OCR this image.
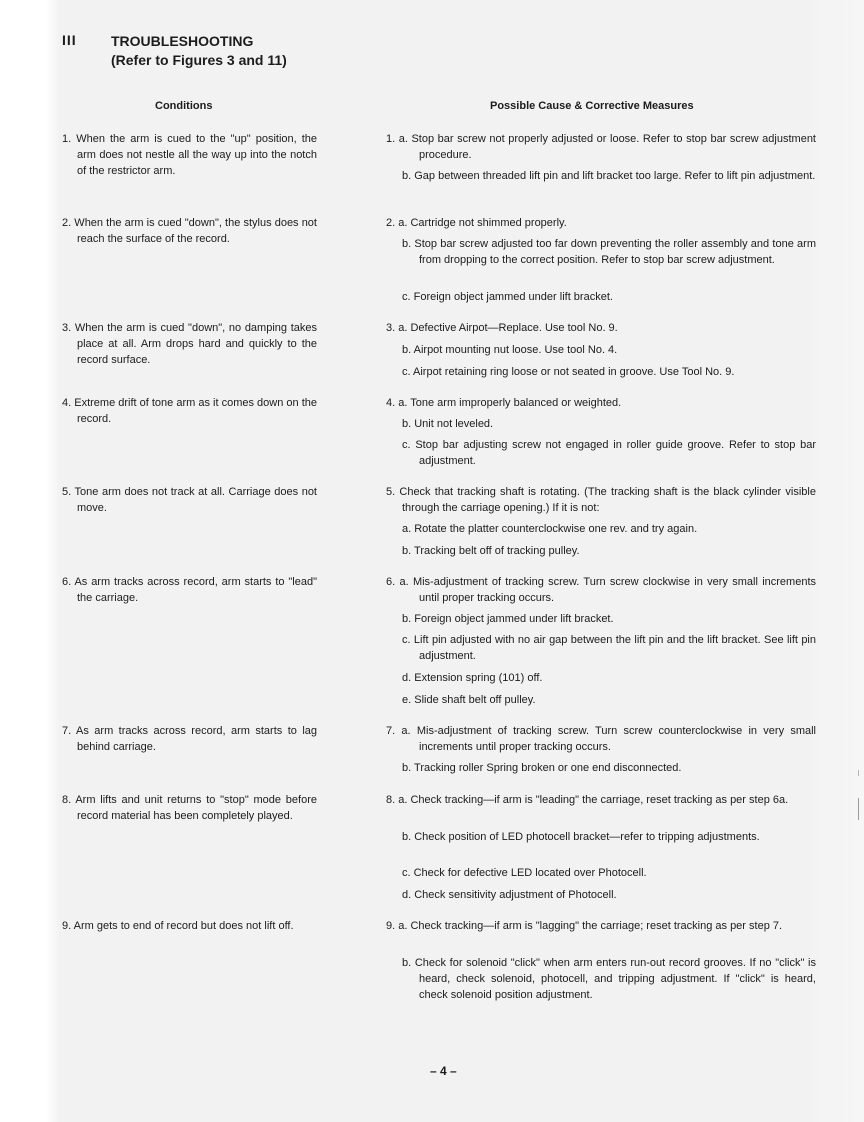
III TROUBLESHOOTING
(Refer to Figures 3 and 11)
Conditions	Possible Cause & Corrective Measures
1. When the arm is cued to the "up" position, the arm does not nestle all the way up into the notch of the restrictor arm.
2. When the arm is cued "down", the stylus does not reach the surface of the record.
3. When the arm is cued "down", no damping takes place at all. Arm drops hard and quickly to the record surface.
4. Extreme drift of tone arm as it comes down on the record.
5. Tone arm does not track at all. Carriage does not move.
6. As arm tracks across record, arm starts to "lead" the carriage.
7. As arm tracks across record, arm starts to lag behind carriage.
8. Arm lifts and unit returns to "stop" mode before record material has been completely played.
9. Arm gets to end of record but does not lift off.
1. a. Stop bar screw not properly adjusted or loose. Refer to stop bar screw adjustment procedure.
b. Gap between threaded lift pin and lift bracket too large. Refer to lift pin adjustment.
2. a. Cartridge not shimmed properly.
b. Stop bar screw adjusted too far down preventing the roller assembly and tone arm from dropping to the correct position. Refer to stop bar screw adjustment.
c. Foreign object jammed under lift bracket.
3. a. Defective Airpot—Replace. Use tool No. 9.
b. Airpot mounting nut loose. Use tool No. 4.
c. Airpot retaining ring loose or not seated in groove. Use Tool No. 9.
4. a. Tone arm improperly balanced or weighted.
b. Unit not leveled.
c. Stop bar adjusting screw not engaged in roller guide groove. Refer to stop bar adjustment.
5. Check that tracking shaft is rotating. (The tracking shaft is the black cylinder visible through the carriage opening.) If it is not:
a. Rotate the platter counterclockwise one rev. and try again.
b. Tracking belt off of tracking pulley.
6. a. Mis-adjustment of tracking screw. Turn screw clockwise in very small increments until proper tracking occurs.
b. Foreign object jammed under lift bracket.
c. Lift pin adjusted with no air gap between the lift pin and the lift bracket. See lift pin adjustment.
d. Extension spring (101) off.
e. Slide shaft belt off pulley.
7. a. Mis-adjustment of tracking screw. Turn screw counterclockwise in very small increments until proper tracking occurs.
b. Tracking roller Spring broken or one end disconnected.
8. a. Check tracking—if arm is "leading" the carriage, reset tracking as per step 6a.
b. Check position of LED photocell bracket—refer to tripping adjustments.
c. Check for defective LED located over Photocell.
d. Check sensitivity adjustment of Photocell.
9. a. Check tracking—if arm is "lagging" the carriage; reset tracking as per step 7.
b. Check for solenoid "click" when arm enters run-out record grooves. If no "click" is heard, check solenoid, photocell, and tripping adjustment. If "click" is heard, check solenoid position adjustment.
– 4 –
